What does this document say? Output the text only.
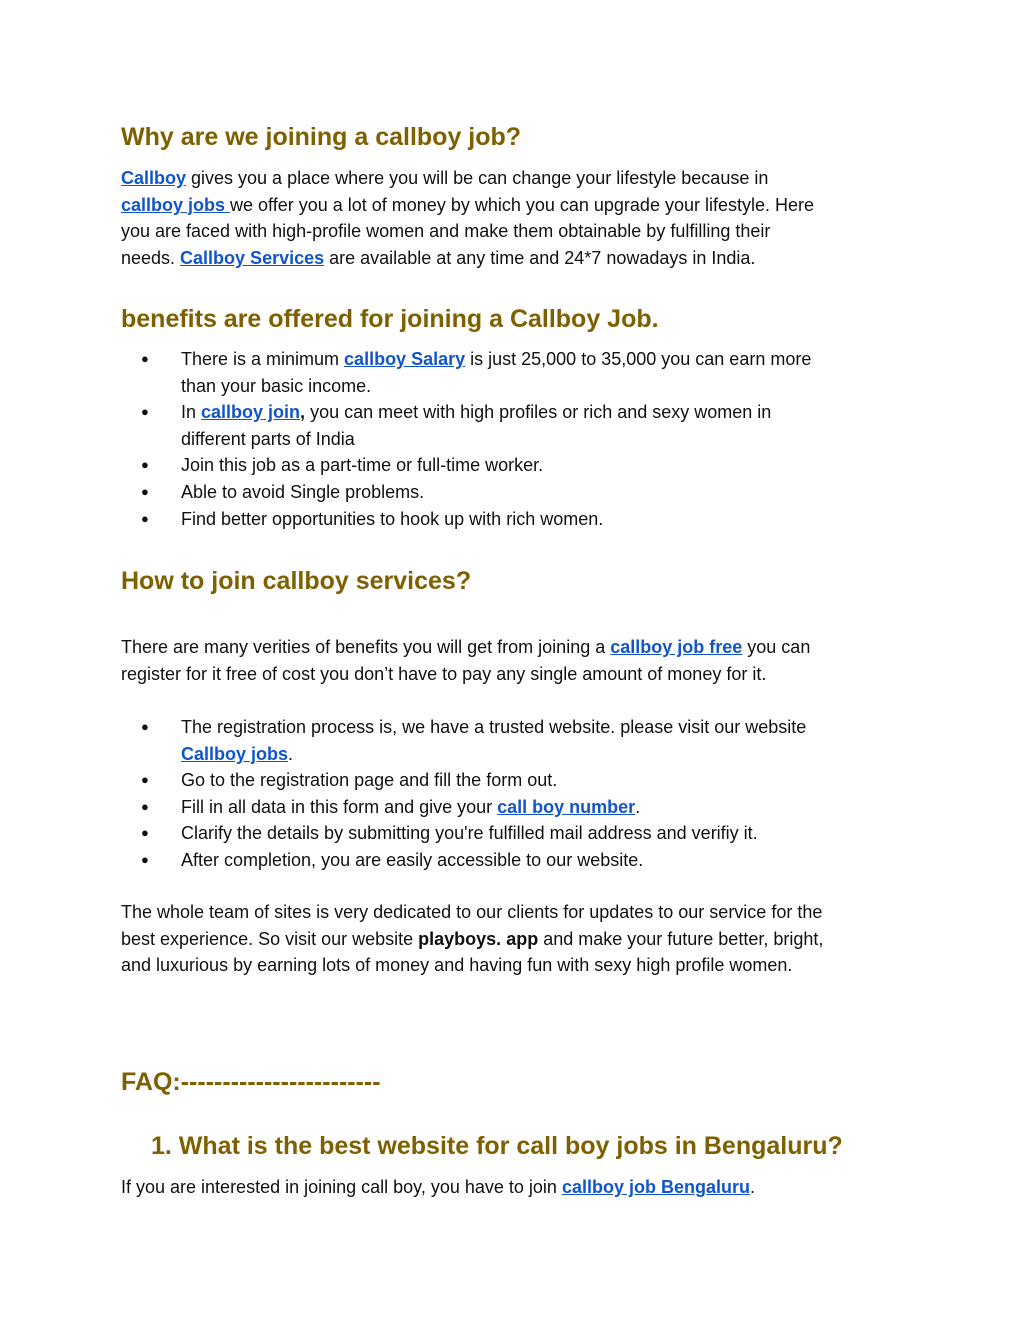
Why are we joining a callboy job?
Callboy gives you a place where you will be can change your lifestyle because in
callboy jobs we offer you a lot of money by which you can upgrade your lifestyle. Here
you are faced with high-profile women and make them obtainable by fulfilling their
needs. Callboy Services are available at any time and 24*7 nowadays in India.
benefits are offered for joining a Callboy Job.
● There is a minimum callboy Salary is just 25,000 to 35,000 you can earn more
than your basic income.
● In callboy join, you can meet with high profiles or rich and sexy women in
different parts of India
● Join this job as a part-time or full-time worker.
● Able to avoid Single problems.
● Find better opportunities to hook up with rich women.
How to join callboy services?
There are many verities of benefits you will get from joining a callboy job free you can
register for it free of cost you don’t have to pay any single amount of money for it.
● The registration process is, we have a trusted website. please visit our website
Callboy jobs.
● Go to the registration page and fill the form out.
● Fill in all data in this form and give your call boy number.
● Clarify the details by submitting you're fulfilled mail address and verifiy it.
● After completion, you are easily accessible to our website.
The whole team of sites is very dedicated to our clients for updates to our service for the
best experience. So visit our website playboys. app and make your future better, bright,
and luxurious by earning lots of money and having fun with sexy high profile women.
FAQ:------------------------
1. What is the best website for call boy jobs in Bengaluru?
If you are interested in joining call boy, you have to join callboy job Bengaluru.
